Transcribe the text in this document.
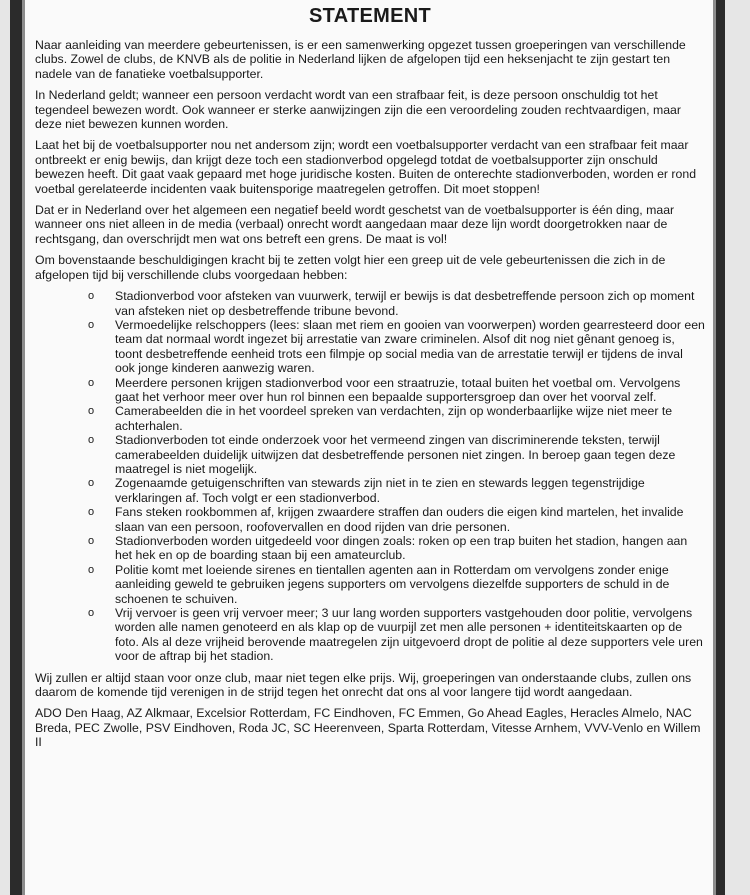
STATEMENT

Naar aanleiding van meerdere gebeurtenissen, is er een samenwerking opgezet tussen groeperingen van verschillende clubs. Zowel de clubs, de KNVB als de politie in Nederland lijken de afgelopen tijd een heksenjacht te zijn gestart ten nadele van de fanatieke voetbalsupporter.

In Nederland geldt; wanneer een persoon verdacht wordt van een strafbaar feit, is deze persoon onschuldig tot het tegendeel bewezen wordt. Ook wanneer er sterke aanwijzingen zijn die een veroordeling zouden rechtvaardigen, maar deze niet bewezen kunnen worden.

Laat het bij de voetbalsupporter nou net andersom zijn; wordt een voetbalsupporter verdacht van een strafbaar feit maar ontbreekt er enig bewijs, dan krijgt deze toch een stadionverbod opgelegd totdat de voetbalsupporter zijn onschuld bewezen heeft. Dit gaat vaak gepaard met hoge juridische kosten. Buiten de onterechte stadionverboden, worden er rond voetbal gerelateerde incidenten vaak buitensporige maatregelen getroffen. Dit moet stoppen!

Dat er in Nederland over het algemeen een negatief beeld wordt geschetst van de voetbalsupporter is één ding, maar wanneer ons niet alleen in de media (verbaal) onrecht wordt aangedaan maar deze lijn wordt doorgetrokken naar de rechtsgang, dan overschrijdt men wat ons betreft een grens. De maat is vol!

Om bovenstaande beschuldigingen kracht bij te zetten volgt hier een greep uit de vele gebeurtenissen die zich in de afgelopen tijd bij verschillende clubs voorgedaan hebben:

o Stadionverbod voor afsteken van vuurwerk, terwijl er bewijs is dat desbetreffende persoon zich op moment van afsteken niet op desbetreffende tribune bevond.
o Vermoedelijke relschoppers (lees: slaan met riem en gooien van voorwerpen) worden gearresteerd door een team dat normaal wordt ingezet bij arrestatie van zware criminelen. Alsof dit nog niet gênant genoeg is, toont desbetreffende eenheid trots een filmpje op social media van de arrestatie terwijl er tijdens de inval ook jonge kinderen aanwezig waren.
o Meerdere personen krijgen stadionverbod voor een straatruzie, totaal buiten het voetbal om. Vervolgens gaat het verhoor meer over hun rol binnen een bepaalde supportersgroep dan over het voorval zelf.
o Camerabeelden die in het voordeel spreken van verdachten, zijn op wonderbaarlijke wijze niet meer te achterhalen.
o Stadionverboden tot einde onderzoek voor het vermeend zingen van discriminerende teksten, terwijl camerabeelden duidelijk uitwijzen dat desbetreffende personen niet zingen. In beroep gaan tegen deze maatregel is niet mogelijk.
o Zogenaamde getuigenschriften van stewards zijn niet in te zien en stewards leggen tegenstrijdige verklaringen af. Toch volgt er een stadionverbod.
o Fans steken rookbommen af, krijgen zwaardere straffen dan ouders die eigen kind martelen, het invalide slaan van een persoon, roofovervallen en dood rijden van drie personen.
o Stadionverboden worden uitgedeeld voor dingen zoals: roken op een trap buiten het stadion, hangen aan het hek en op de boarding staan bij een amateurclub.
o Politie komt met loeiende sirenes en tientallen agenten aan in Rotterdam om vervolgens zonder enige aanleiding geweld te gebruiken jegens supporters om vervolgens diezelfde supporters de schuld in de schoenen te schuiven.
o Vrij vervoer is geen vrij vervoer meer; 3 uur lang worden supporters vastgehouden door politie, vervolgens worden alle namen genoteerd en als klap op de vuurpijl zet men alle personen + identiteitskaarten op de foto. Als al deze vrijheid berovende maatregelen zijn uitgevoerd dropt de politie al deze supporters vele uren voor de aftrap bij het stadion.

Wij zullen er altijd staan voor onze club, maar niet tegen elke prijs. Wij, groeperingen van onderstaande clubs, zullen ons daarom de komende tijd verenigen in de strijd tegen het onrecht dat ons al voor langere tijd wordt aangedaan.

ADO Den Haag, AZ Alkmaar, Excelsior Rotterdam, FC Eindhoven, FC Emmen, Go Ahead Eagles, Heracles Almelo, NAC Breda, PEC Zwolle, PSV Eindhoven, Roda JC, SC Heerenveen, Sparta Rotterdam, Vitesse Arnhem, VVV-Venlo en Willem II
